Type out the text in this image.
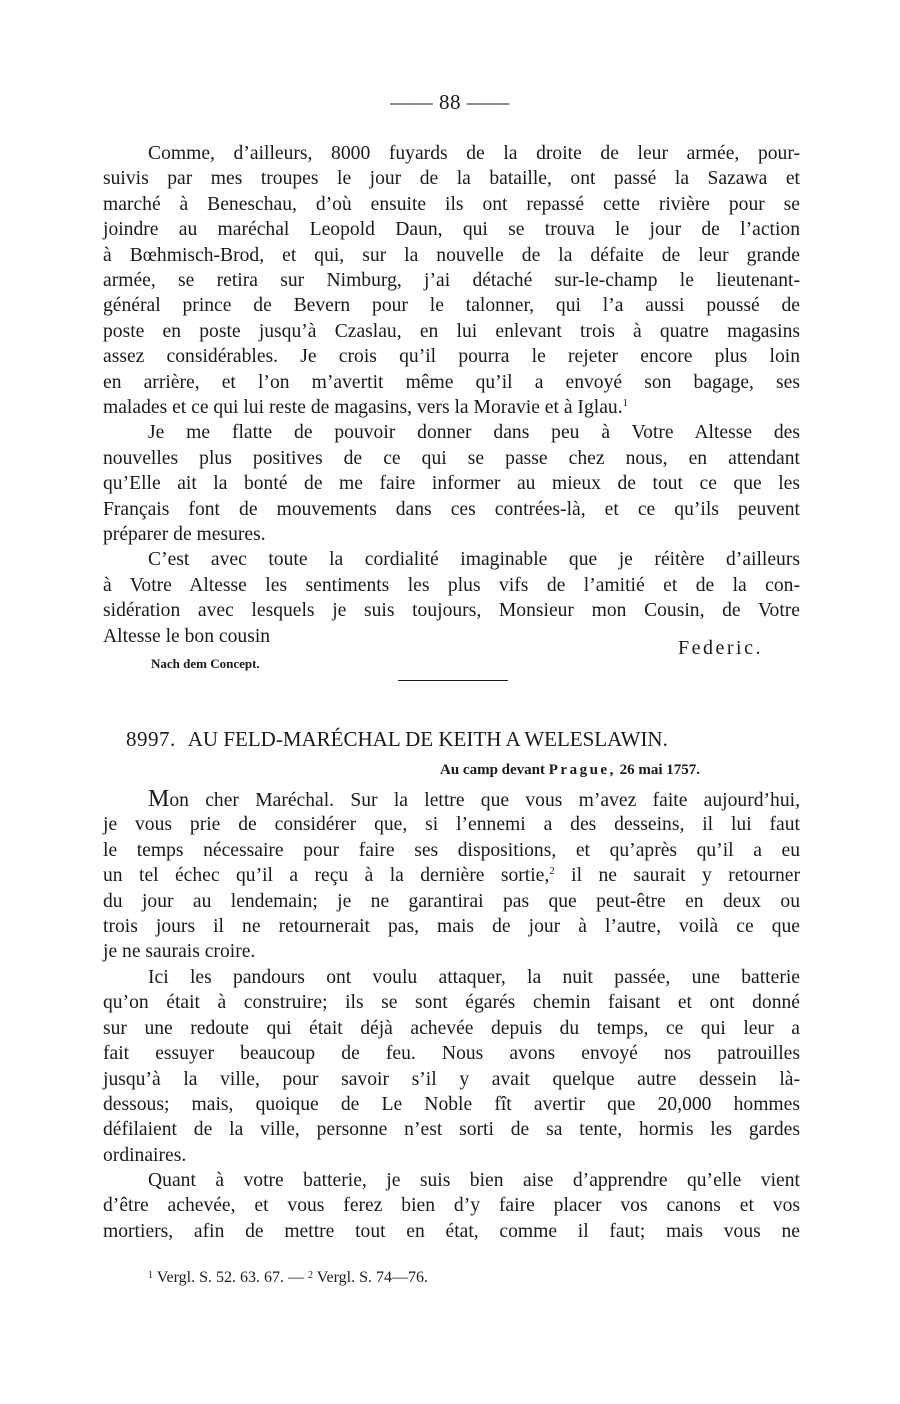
—— 88 ——
Comme, d’ailleurs, 8000 fuyards de la droite de leur armée, pour-
suivis par mes troupes le jour de la bataille, ont passé la Sazawa et
marché à Beneschau, d’où ensuite ils ont repassé cette rivière pour se
joindre au maréchal Leopold Daun, qui se trouva le jour de l’action
à Bœhmisch-Brod, et qui, sur la nouvelle de la défaite de leur grande
armée, se retira sur Nimburg, j’ai détaché sur-le-champ le lieutenant-
général prince de Bevern pour le talonner, qui l’a aussi poussé de
poste en poste jusqu’à Czaslau, en lui enlevant trois à quatre magasins
assez considérables. Je crois qu’il pourra le rejeter encore plus loin
en arrière, et l’on m’avertit même qu’il a envoyé son bagage, ses
malades et ce qui lui reste de magasins, vers la Moravie et à Iglau.$^1$
Je me flatte de pouvoir donner dans peu à Votre Altesse des
nouvelles plus positives de ce qui se passe chez nous, en attendant
qu’Elle ait la bonté de me faire informer au mieux de tout ce que les
Français font de mouvements dans ces contrées-là, et ce qu’ils peuvent
préparer de mesures.
C’est avec toute la cordialité imaginable que je réitère d’ailleurs
à Votre Altesse les sentiments les plus vifs de l’amitié et de la con-
sidération avec lesquels je suis toujours, Monsieur mon Cousin, de Votre
Altesse le bon cousin
Nach dem Concept.
Federic.
8997. AU FELD-MARÉCHAL DE KEITH A WELESLAWIN.
Au camp devant Prague, 26 mai 1757.
Mon cher Maréchal. Sur la lettre que vous m’avez faite aujourd’hui,
je vous prie de considérer que, si l’ennemi a des desseins, il lui faut
le temps nécessaire pour faire ses dispositions, et qu’après qu’il a eu
un tel échec qu’il a reçu à la dernière sortie,$^2$ il ne saurait y retourner
du jour au lendemain; je ne garantirai pas que peut-être en deux ou
trois jours il ne retournerait pas, mais de jour à l’autre, voilà ce que
je ne saurais croire.
Ici les pandours ont voulu attaquer, la nuit passée, une batterie
qu’on était à construire; ils se sont égarés chemin faisant et ont donné
sur une redoute qui était déjà achevée depuis du temps, ce qui leur a
fait essuyer beaucoup de feu. Nous avons envoyé nos patrouilles
jusqu’à la ville, pour savoir s’il y avait quelque autre dessein là-
dessous; mais, quoique de Le Noble fît avertir que 20,000 hommes
défilaient de la ville, personne n’est sorti de sa tente, hormis les gardes
ordinaires.
Quant à votre batterie, je suis bien aise d’apprendre qu’elle vient
d’être achevée, et vous ferez bien d’y faire placer vos canons et vos
mortiers, afin de mettre tout en état, comme il faut; mais vous ne
$^1$ Vergl. S. 52. 63. 67. — $^2$ Vergl. S. 74—76.
